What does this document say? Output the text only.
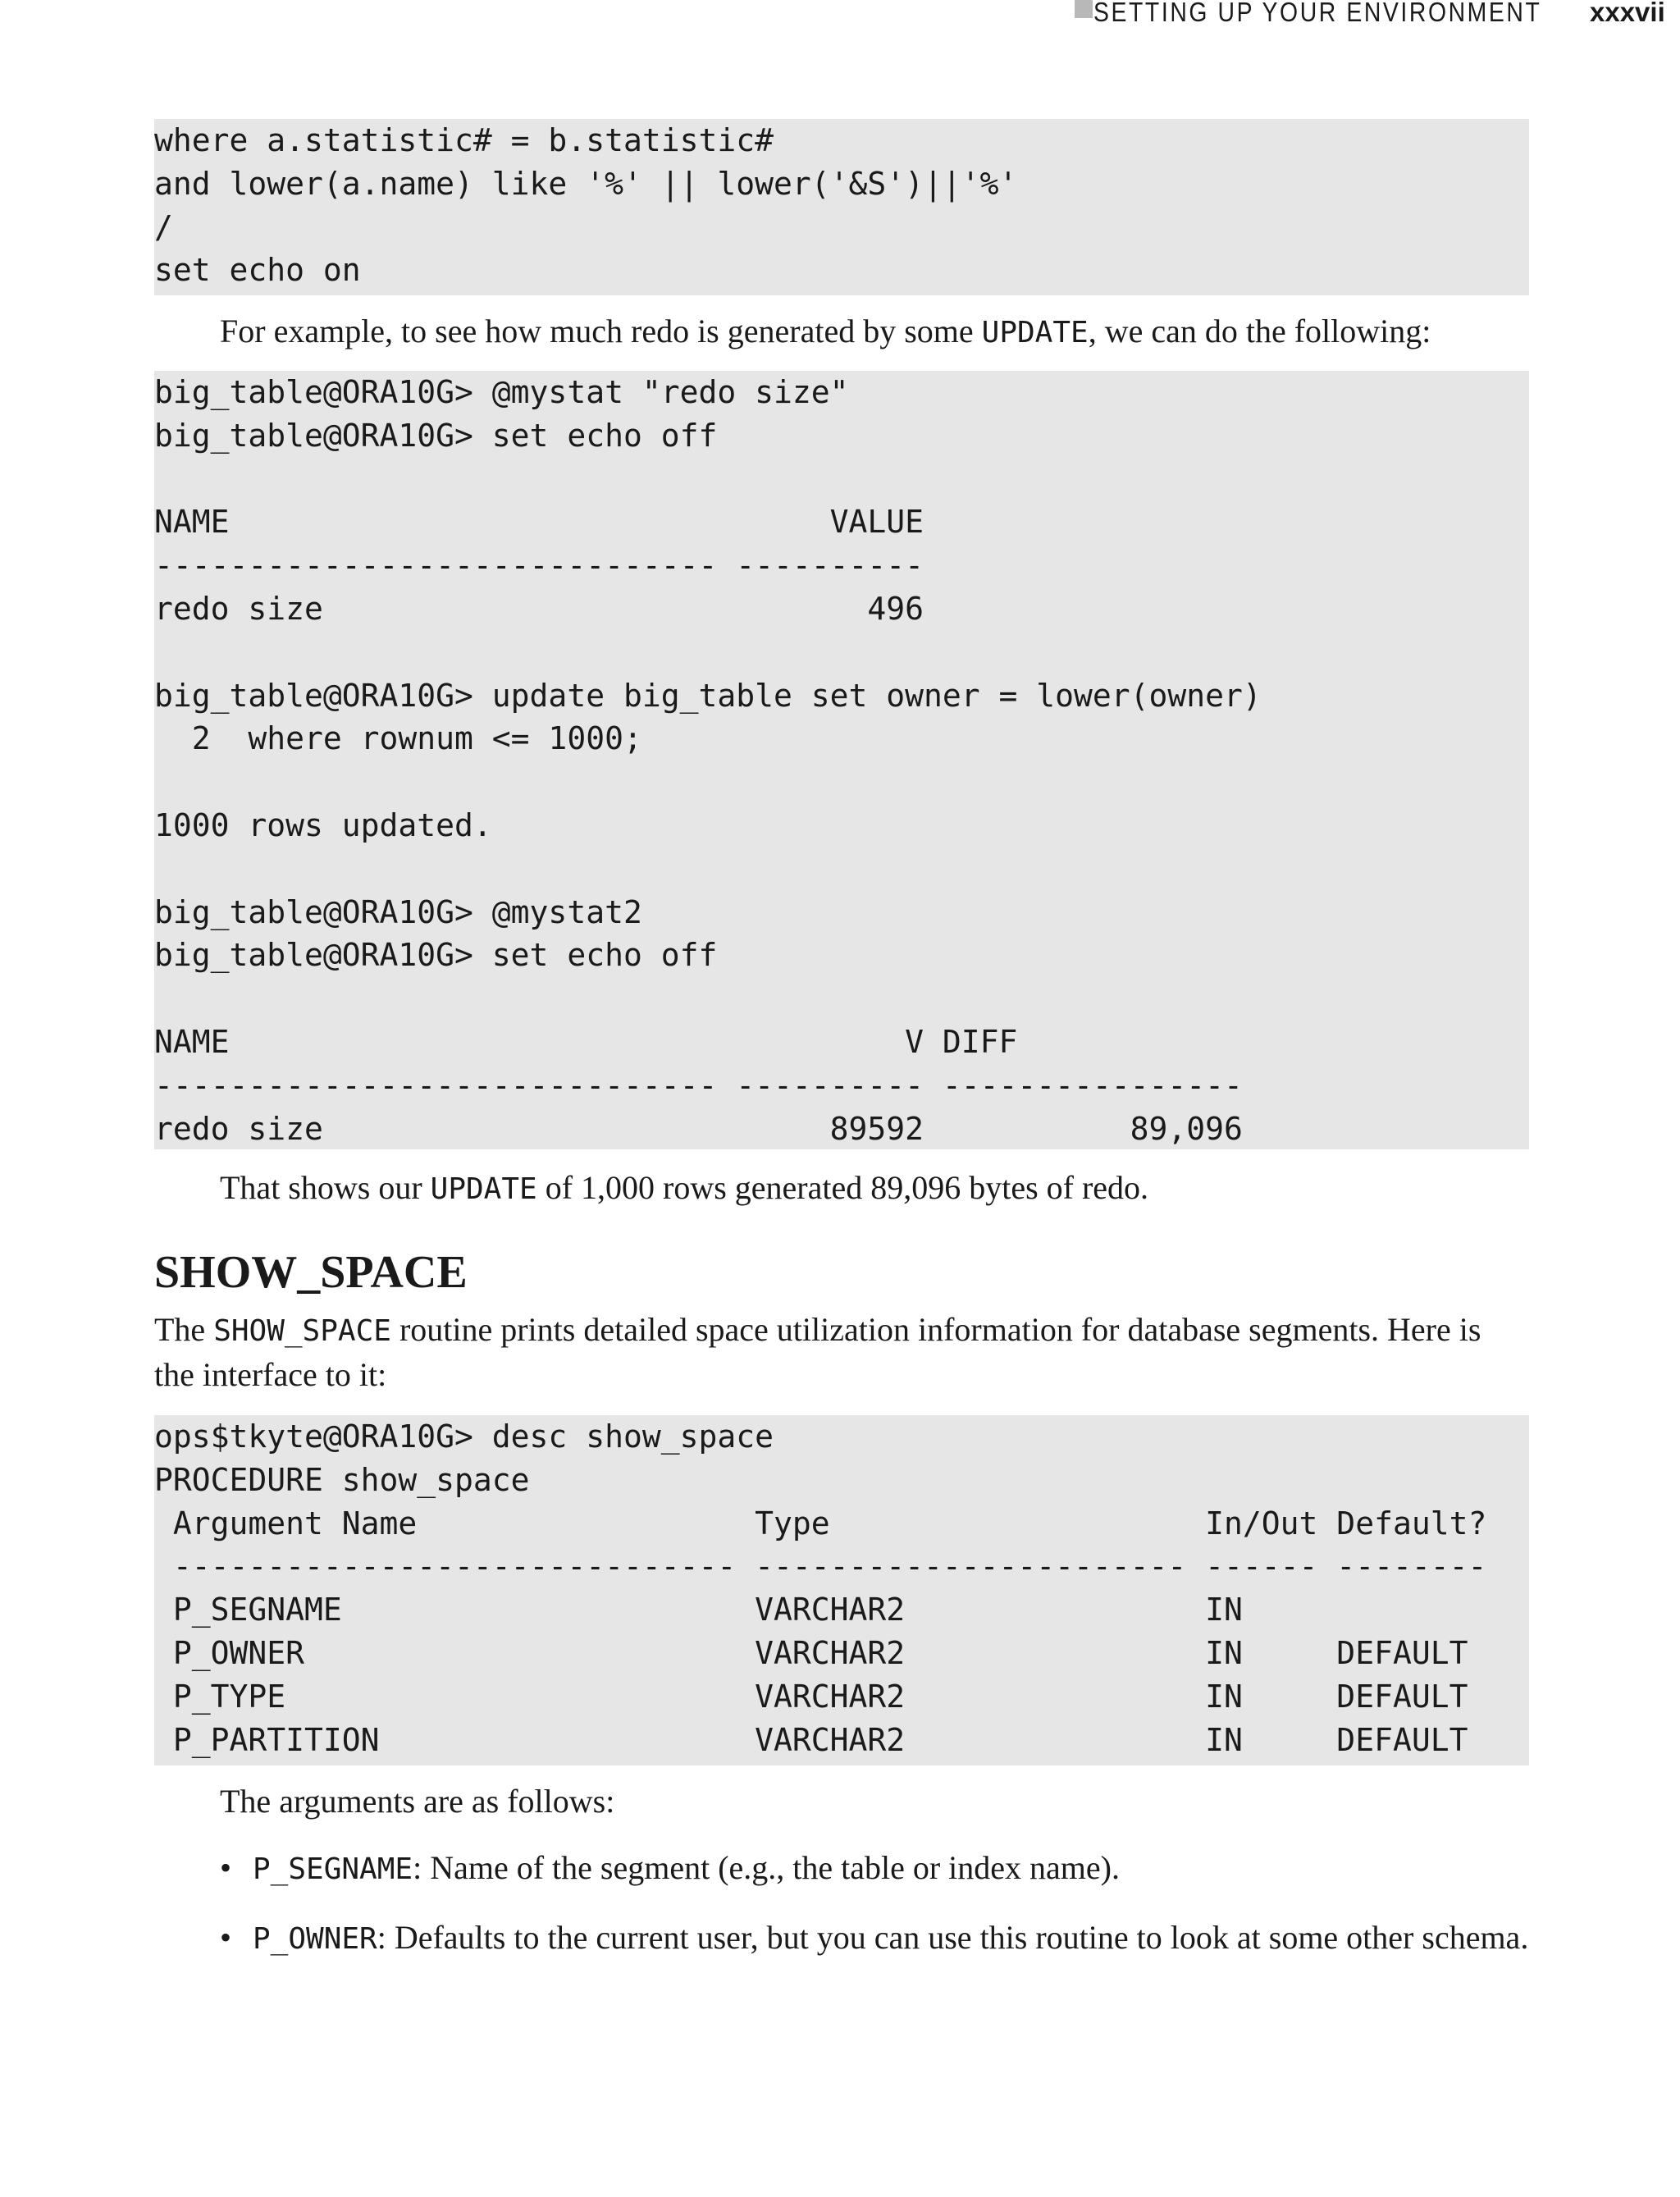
SETTING UP YOUR ENVIRONMENT xxxvii
where a.statistic# = b.statistic#
and lower(a.name) like '%' || lower('&S')||'%'
/
set echo on

For example, to see how much redo is generated by some UPDATE, we can do the following:

big_table@ORA10G> @mystat "redo size"
big_table@ORA10G> set echo off
NAME                                VALUE
------------------------------ ----------
redo size                             496
big_table@ORA10G> update big_table set owner = lower(owner)
2  where rownum <= 1000;
1000 rows updated.
big_table@ORA10G> @mystat2
big_table@ORA10G> set echo off
NAME                                    V DIFF
------------------------------ ---------- ----------------
redo size                           89592           89,096

That shows our UPDATE of 1,000 rows generated 89,096 bytes of redo.

SHOW_SPACE

The SHOW_SPACE routine prints detailed space utilization information for database segments. Here is the interface to it:

ops$tkyte@ORA10G> desc show_space
PROCEDURE show_space
Argument Name                  Type                    In/Out Default?
------------------------------ ----------------------- ------ --------
P_SEGNAME                      VARCHAR2                IN
P_OWNER                        VARCHAR2                IN     DEFAULT
P_TYPE                         VARCHAR2                IN     DEFAULT
P_PARTITION                    VARCHAR2                IN     DEFAULT

The arguments are as follows:

• P_SEGNAME: Name of the segment (e.g., the table or index name).
• P_OWNER: Defaults to the current user, but you can use this routine to look at some other schema.
